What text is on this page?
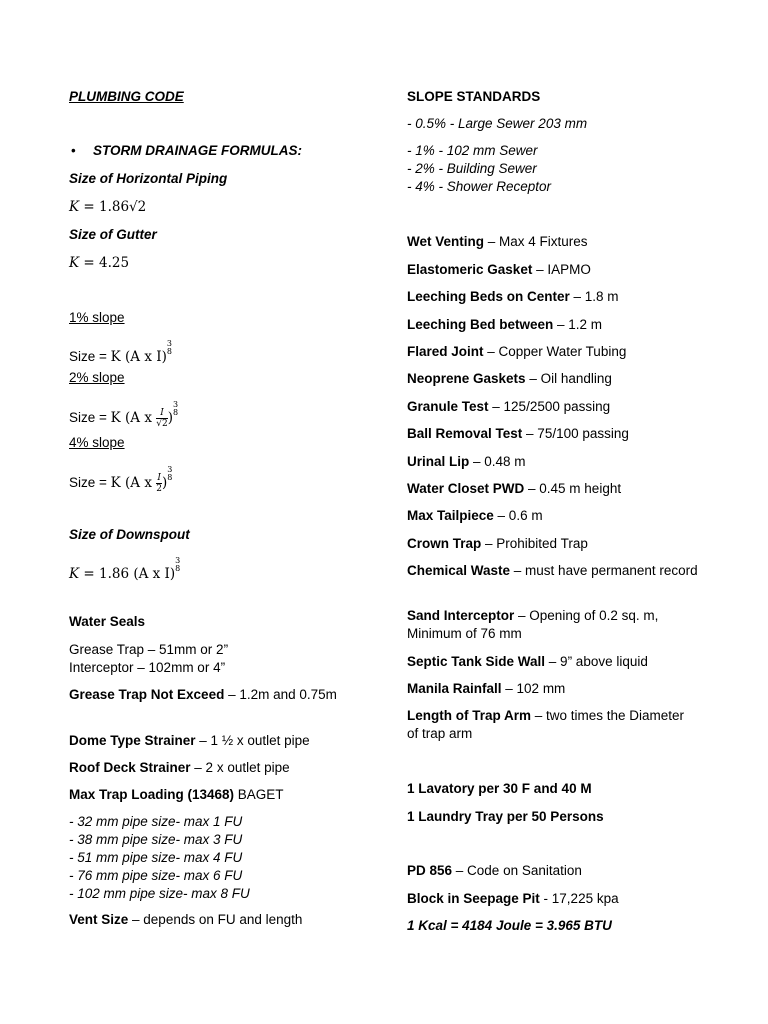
PLUMBING CODE
• STORM DRAINAGE FORMULAS:
Size of Horizontal Piping
K = 1.86√2
Size of Gutter
K = 4.25
1% slope
Size = K (A x I)
3
8
2% slope
Size = K (A x $\frac{I}{√2}$ )
3
8
4% slope
Size = K (A x $\frac{I}{2}$ )
3
8
Size of Downspout
K = 1.86 (A x I)
3
8
Water Seals
Grease Trap – 51mm or 2”
Interceptor – 102mm or 4”
Grease Trap Not Exceed – 1.2m and 0.75m
Dome Type Strainer – 1 ½ x outlet pipe
Roof Deck Strainer – 2 x outlet pipe
Max Trap Loading (13468) BAGET
- 32 mm pipe size- max 1 FU
- 38 mm pipe size- max 3 FU
- 51 mm pipe size- max 4 FU
- 76 mm pipe size- max 6 FU
- 102 mm pipe size- max 8 FU
Vent Size – depends on FU and length
SLOPE STANDARDS
- 0.5% - Large Sewer 203 mm
- 1% - 102 mm Sewer
- 2% - Building Sewer
- 4% - Shower Receptor
Wet Venting – Max 4 Fixtures
Elastomeric Gasket – IAPMO
Leeching Beds on Center – 1.8 m
Leeching Bed between – 1.2 m
Flared Joint – Copper Water Tubing
Neoprene Gaskets – Oil handling
Granule Test – 125/2500 passing
Ball Removal Test – 75/100 passing
Urinal Lip – 0.48 m
Water Closet PWD – 0.45 m height
Max Tailpiece – 0.6 m
Crown Trap – Prohibited Trap
Chemical Waste – must have permanent record
Sand Interceptor – Opening of 0.2 sq. m, Minimum of 76 mm
Septic Tank Side Wall – 9” above liquid
Manila Rainfall – 102 mm
Length of Trap Arm – two times the Diameter of trap arm
1 Lavatory per 30 F and 40 M
1 Laundry Tray per 50 Persons
PD 856 – Code on Sanitation
Block in Seepage Pit - 17,225 kpa
1 Kcal = 4184 Joule = 3.965 BTU
